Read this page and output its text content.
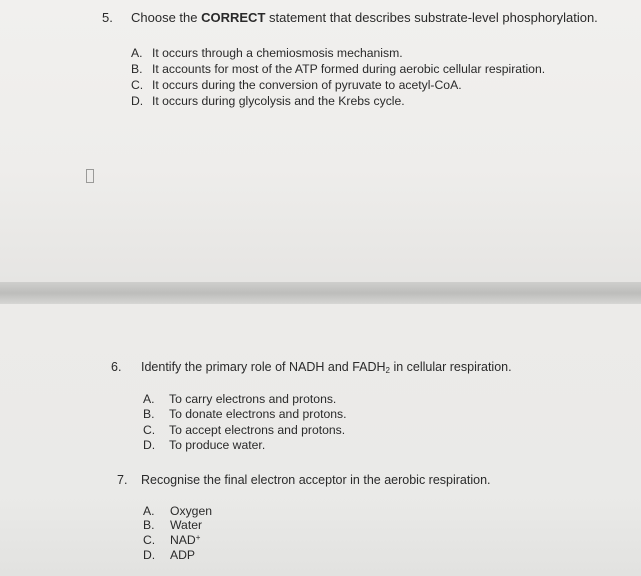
5. Choose the CORRECT statement that describes substrate-level phosphorylation.
A. It occurs through a chemiosmosis mechanism.
B. It accounts for most of the ATP formed during aerobic cellular respiration.
C. It occurs during the conversion of pyruvate to acetyl-CoA.
D. It occurs during glycolysis and the Krebs cycle.
6. Identify the primary role of NADH and $FADH_2$ in cellular respiration.
A. To carry electrons and protons.
B. To donate electrons and protons.
C. To accept electrons and protons.
D. To produce water.
7. Recognise the final electron acceptor in the aerobic respiration.
A. Oxygen
B. Water
C. NAD+
D. ADP
